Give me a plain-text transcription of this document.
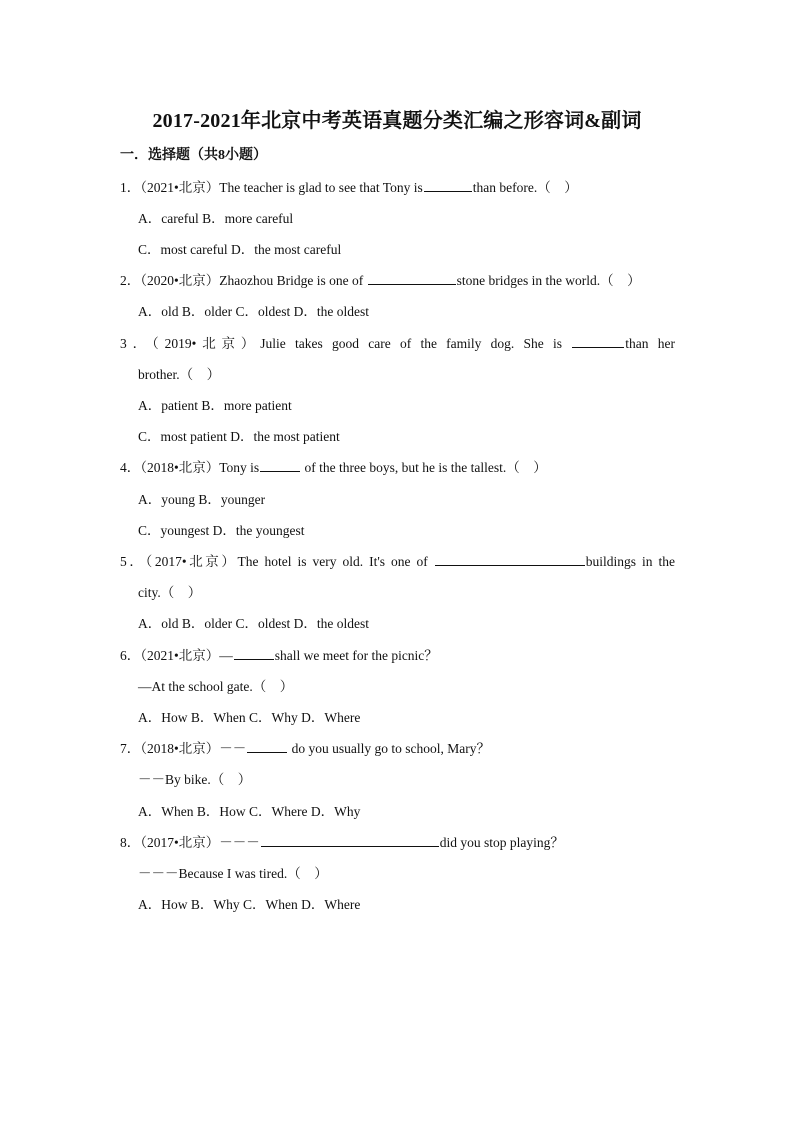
2017-2021年北京中考英语真题分类汇编之形容词&副词
一．选择题（共8小题）
1．（2021•北京）The teacher is glad to see that Tony is	than before.（　）
A．careful B．more careful
C．most careful D．the most careful
2．（2020•北京）Zhaozhou Bridge is one of	stone bridges in the world.（　）
A．old B．older C．oldest D．the oldest
3．（2019•北京）Julie takes good care of the family dog. She is	than her
brother.（　）
A．patient B．more patient
C．most patient D．the most patient
4．（2018•北京）Tony is	of the three boys, but he is the tallest.（　）
A．young B．younger
C．youngest D．the youngest
5．（2017•北京）The hotel is very old. It's one of	buildings in the
city.（　）
A．old B．older C．oldest D．the oldest
6．（2021•北京）—	shall we meet for the picnic？
—At the school gate.（　）
A．How B．When C．Why D．Where
7．（2018•北京）－－	do you usually go to school, Mary？
－－By bike.（　）
A．When B．How C．Where D．Why
8．（2017•北京）－－－	did you stop playing？
－－－Because I was tired.（　）
A．How B．Why C．When D．Where
